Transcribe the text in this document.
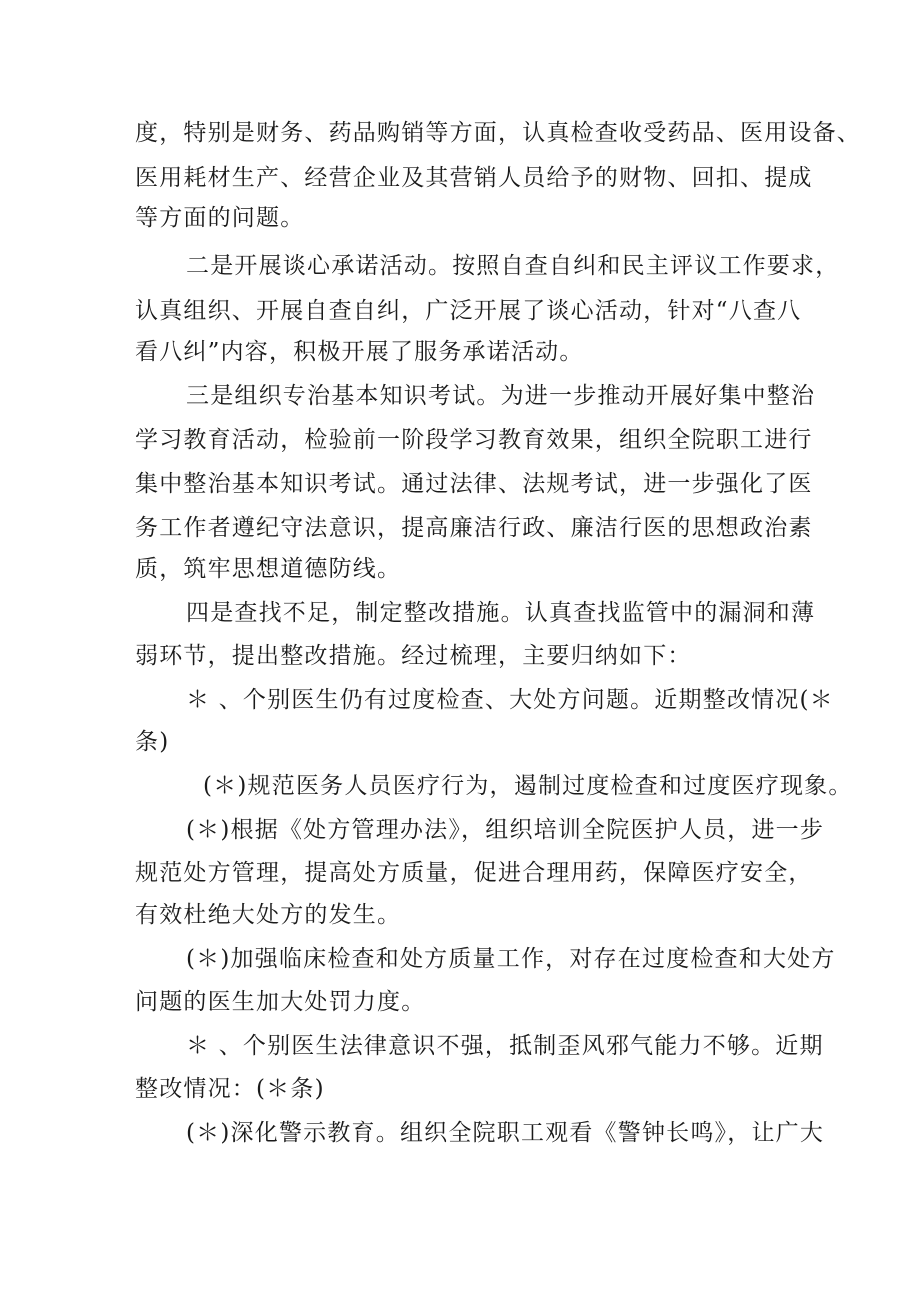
度，特别是财务、药品购销等方面，认真检查收受药品、医用设备、
医用耗材生产、经营企业及其营销人员给予的财物、回扣、提成
等方面的问题。
二是开展谈心承诺活动。按照自查自纠和民主评议工作要求，
认真组织、开展自查自纠，广泛开展了谈心活动，针对“八查八
看八纠”内容，积极开展了服务承诺活动。
三是组织专治基本知识考试。为进一步推动开展好集中整治
学习教育活动，检验前一阶段学习教育效果，组织全院职工进行
集中整治基本知识考试。通过法律、法规考试，进一步强化了医
务工作者遵纪守法意识，提高廉洁行政、廉洁行医的思想政治素
质，筑牢思想道德防线。
四是查找不足，制定整改措施。认真查找监管中的漏洞和薄
弱环节，提出整改措施。经过梳理，主要归纳如下：
＊ 、个别医生仍有过度检查、大处方问题。近期整改情况(＊
条)
(＊)规范医务人员医疗行为，遏制过度检查和过度医疗现象。
(＊)根据《处方管理办法》，组织培训全院医护人员，进一步
规范处方管理，提高处方质量，促进合理用药，保障医疗安全，
有效杜绝大处方的发生。
(＊)加强临床检查和处方质量工作，对存在过度检查和大处方
问题的医生加大处罚力度。
＊ 、个别医生法律意识不强，抵制歪风邪气能力不够。近期
整改情况：(＊条)
(＊)深化警示教育。组织全院职工观看《警钟长鸣》，让广大
